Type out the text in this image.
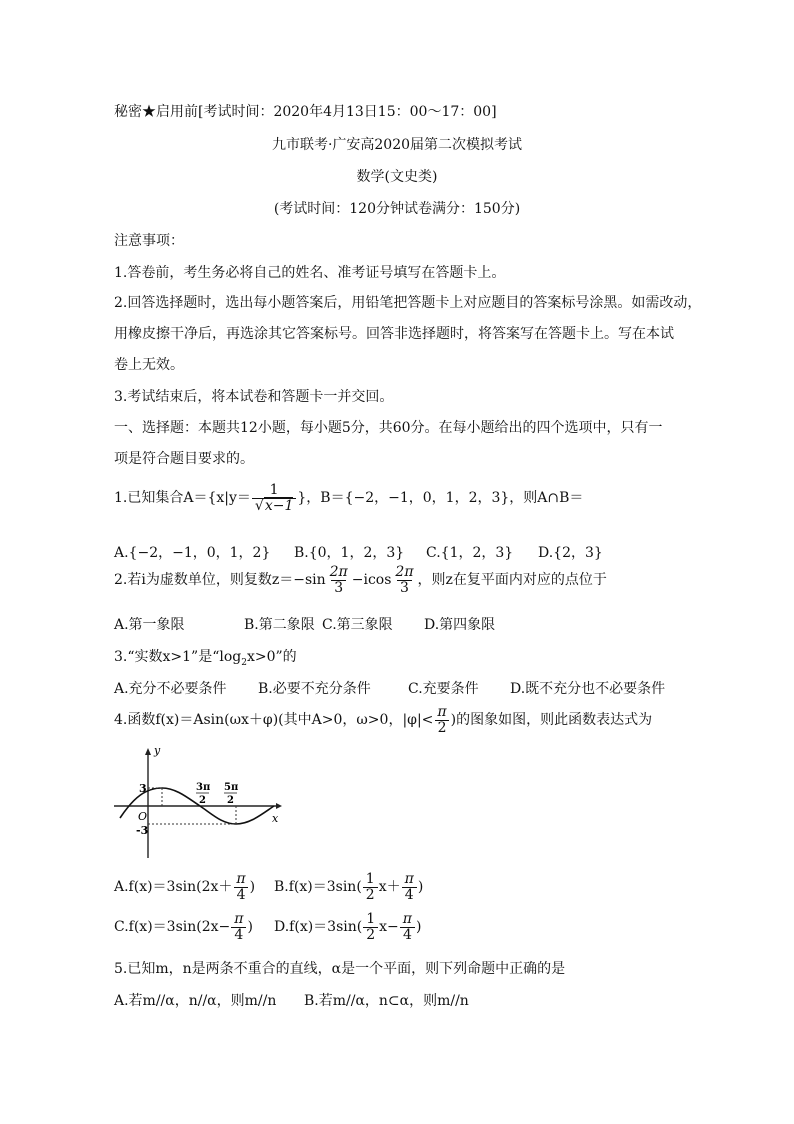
秘密★启用前[考试时间：2020年4月13日15：00～17：00]
九市联考·广安高2020届第二次模拟考试
数学(文史类)
(考试时间：120分钟试卷满分：150分)
注意事项：
1.答卷前，考生务必将自己的姓名、准考证号填写在答题卡上。
2.回答选择题时，选出每小题答案后，用铅笔把答题卡上对应题目的答案标号涂黑。如需改动，
用橡皮擦干净后，再选涂其它答案标号。回答非选择题时，将答案写在答题卡上。写在本试
卷上无效。
3.考试结束后，将本试卷和答题卡一并交回。
一、选择题：本题共12小题，每小题5分，共60分。在每小题给出的四个选项中，只有一
项是符合题目要求的。
1.已知集合$A=\{x|y= \frac{1}{√x-1}$ }，B＝{−2，−1，0，1，2，3}，则A∩B＝
A.{−2，−1，0，1，2} B.{0，1，2，3} C.{1，2，3} D.{2，3}
2.若i为虚数单位，则复数$z=-\sin \frac{2\pi}{3} -icos \frac{2\pi}{3}$ ，则z在复平面内对应的点位于
A.第一象限	B.第二象限 C.第三象限 D.第四象限
3.“实数x>1”是“$\log_2x>0$”的
A.充分不必要条件 B.必要不充分条件	C.充要条件 D.既不充分也不必要条件
4.函数f(x)＝Asin(ωx＋φ)(其中A>0，ω>0，$|\varphi|< \frac{\pi}{2}$ )的图象如图，则此函数表达式为
y
x
O
3
-3
3π
2
5π
2
$A.f(x)=3\sin(2x+ \frac{\pi}{4}$ ) $B.f(x)=3\sin( \frac{1}{2} x+ \frac{\pi}{4}$ )
$C.f(x)=3\sin(2x- \frac{\pi}{4}$ ) $D.f(x)=3\sin( \frac{1}{2} x- \frac{\pi}{4}$ )
5.已知m，n是两条不重合的直线，α是一个平面，则下列命题中正确的是
A.若m//α，n//α，则m//n B.若m//α，n⊂α，则m//n
